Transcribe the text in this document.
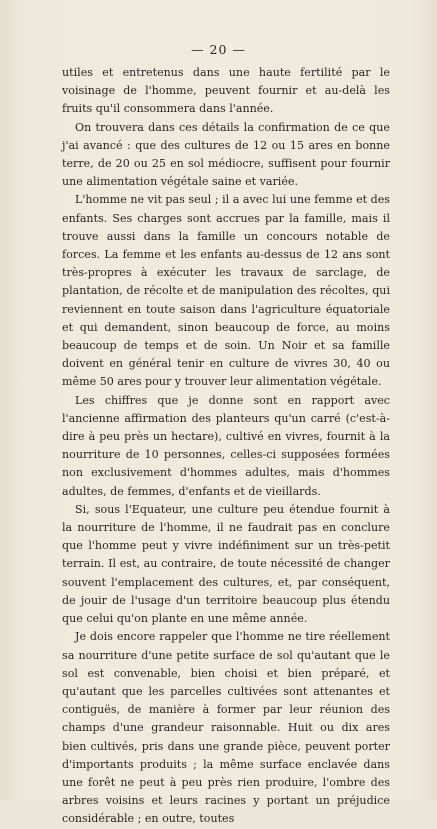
— 20 —

utiles et entretenus dans une haute fertilité par le voisinage de l'homme, peuvent fournir et au-delà les fruits qu'il consommera dans l'année.

On trouvera dans ces détails la confirmation de ce que j'ai avancé : que des cultures de 12 ou 15 ares en bonne terre, de 20 ou 25 en sol médiocre, suffisent pour fournir une alimentation végétale saine et variée.

L'homme ne vit pas seul ; il a avec lui une femme et des enfants. Ses charges sont accrues par la famille, mais il trouve aussi dans la famille un concours notable de forces. La femme et les enfants au-dessus de 12 ans sont très-propres à exécuter les travaux de sarclage, de plantation, de récolte et de manipulation des récoltes, qui reviennent en toute saison dans l'agriculture équatoriale et qui demandent, sinon beaucoup de force, au moins beaucoup de temps et de soin. Un Noir et sa famille doivent en général tenir en culture de vivres 30, 40 ou même 50 ares pour y trouver leur alimentation végétale.

Les chiffres que je donne sont en rapport avec l'ancienne affirmation des planteurs qu'un carré (c'est-à-dire à peu près un hectare), cultivé en vivres, fournit à la nourriture de 10 personnes, celles-ci supposées formées non exclusivement d'hommes adultes, mais d'hommes adultes, de femmes, d'enfants et de vieillards.

Si, sous l'Equateur, une culture peu étendue fournit à la nourriture de l'homme, il ne faudrait pas en conclure que l'homme peut y vivre indéfiniment sur un très-petit terrain. Il est, au contraire, de toute nécessité de changer souvent l'emplacement des cultures, et, par conséquent, de jouir de l'usage d'un territoire beaucoup plus étendu que celui qu'on plante en une même année.

Je dois encore rappeler que l'homme ne tire réellement sa nourriture d'une petite surface de sol qu'autant que le sol est convenable, bien choisi et bien préparé, et qu'autant que les parcelles cultivées sont attenantes et contiguës, de manière à former par leur réunion des champs d'une grandeur raisonnable. Huit ou dix ares bien cultivés, pris dans une grande pièce, peuvent porter d'importants produits ; la même surface enclavée dans une forêt ne peut à peu près rien produire, l'ombre des arbres voisins et leurs racines y portant un préjudice considérable ; en outre, toutes
